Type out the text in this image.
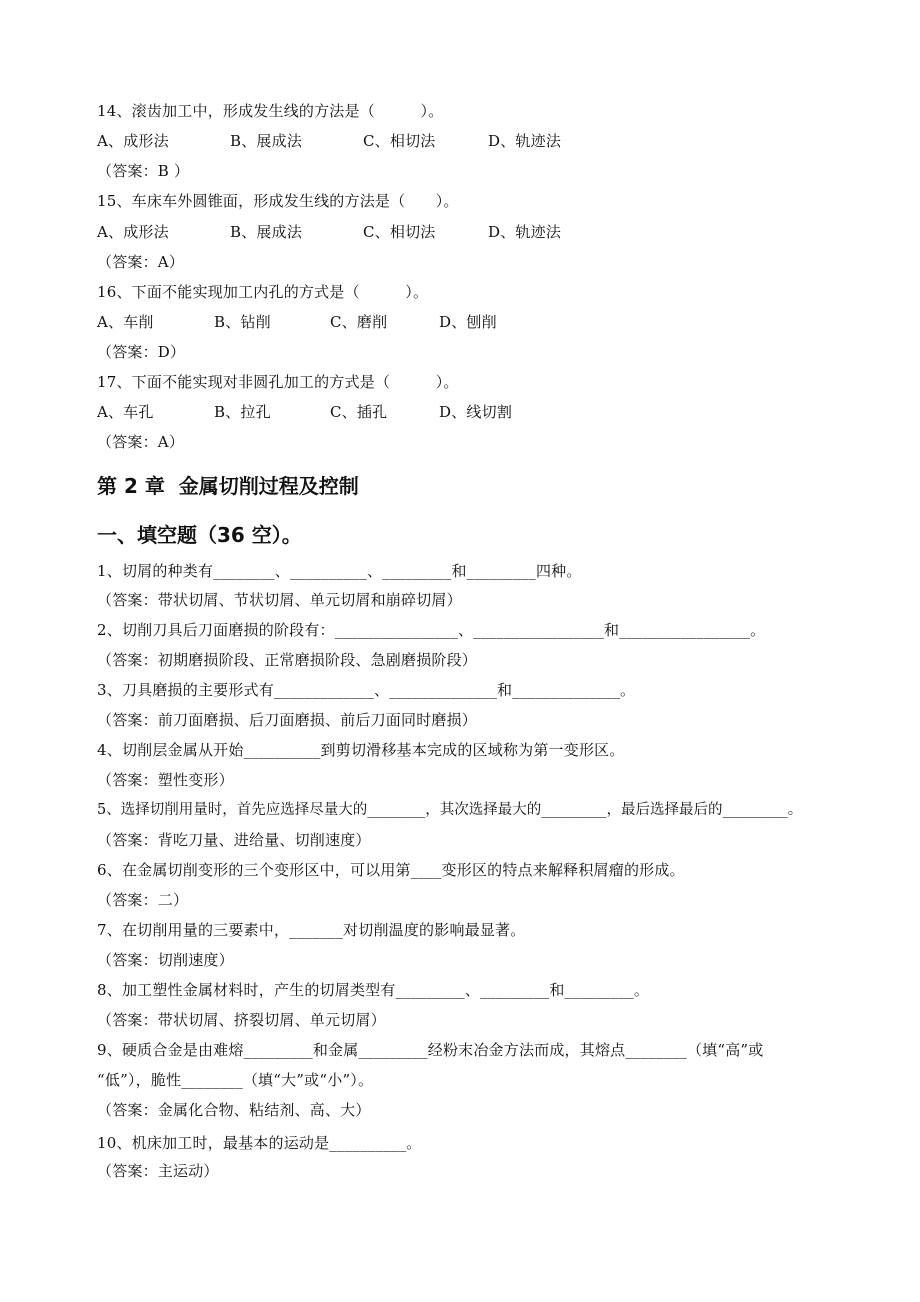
14、滚齿加工中，形成发生线的方法是（　　　）。
A、成形法	B、展成法	C、相切法	D、轨迹法
（答案：B ）
15、车床车外圆锥面，形成发生线的方法是（　　）。
A、成形法	B、展成法	C、相切法	D、轨迹法
（答案：A）
16、下面不能实现加工内孔的方式是（　　　）。
A、车削	B、钻削	C、磨削	D、刨削
（答案：D）
17、下面不能实现对非圆孔加工的方式是（　　　）。
A、车孔	B、拉孔	C、插孔	D、线切割
（答案：A）
第 2 章  金属切削过程及控制
一、填空题（36 空）。
1、切屑的种类有________、__________、_________和_________四种。
（答案：带状切屑、节状切屑、单元切屑和崩碎切屑）
2、切削刀具后刀面磨损的阶段有：________________、_________________和_________________。
（答案：初期磨损阶段、正常磨损阶段、急剧磨损阶段）
3、刀具磨损的主要形式有_____________、______________和______________。
（答案：前刀面磨损、后刀面磨损、前后刀面同时磨损）
4、切削层金属从开始__________到剪切滑移基本完成的区域称为第一变形区。
（答案：塑性变形）
5、选择切削用量时，首先应选择尽量大的________，其次选择最大的_________，最后选择最后的_________。
（答案：背吃刀量、进给量、切削速度）
6、在金属切削变形的三个变形区中，可以用第____变形区的特点来解释积屑瘤的形成。
（答案：二）
7、在切削用量的三要素中，_______对切削温度的影响最显著。
（答案：切削速度）
8、加工塑性金属材料时，产生的切屑类型有_________、_________和_________。
（答案：带状切屑、挤裂切屑、单元切屑）
9、硬质合金是由难熔_________和金属_________经粉末冶金方法而成，其熔点________（填“高”或
“低”），脆性________（填“大”或“小”）。
（答案：金属化合物、粘结剂、高、大）
10、机床加工时，最基本的运动是__________。
（答案：主运动）
